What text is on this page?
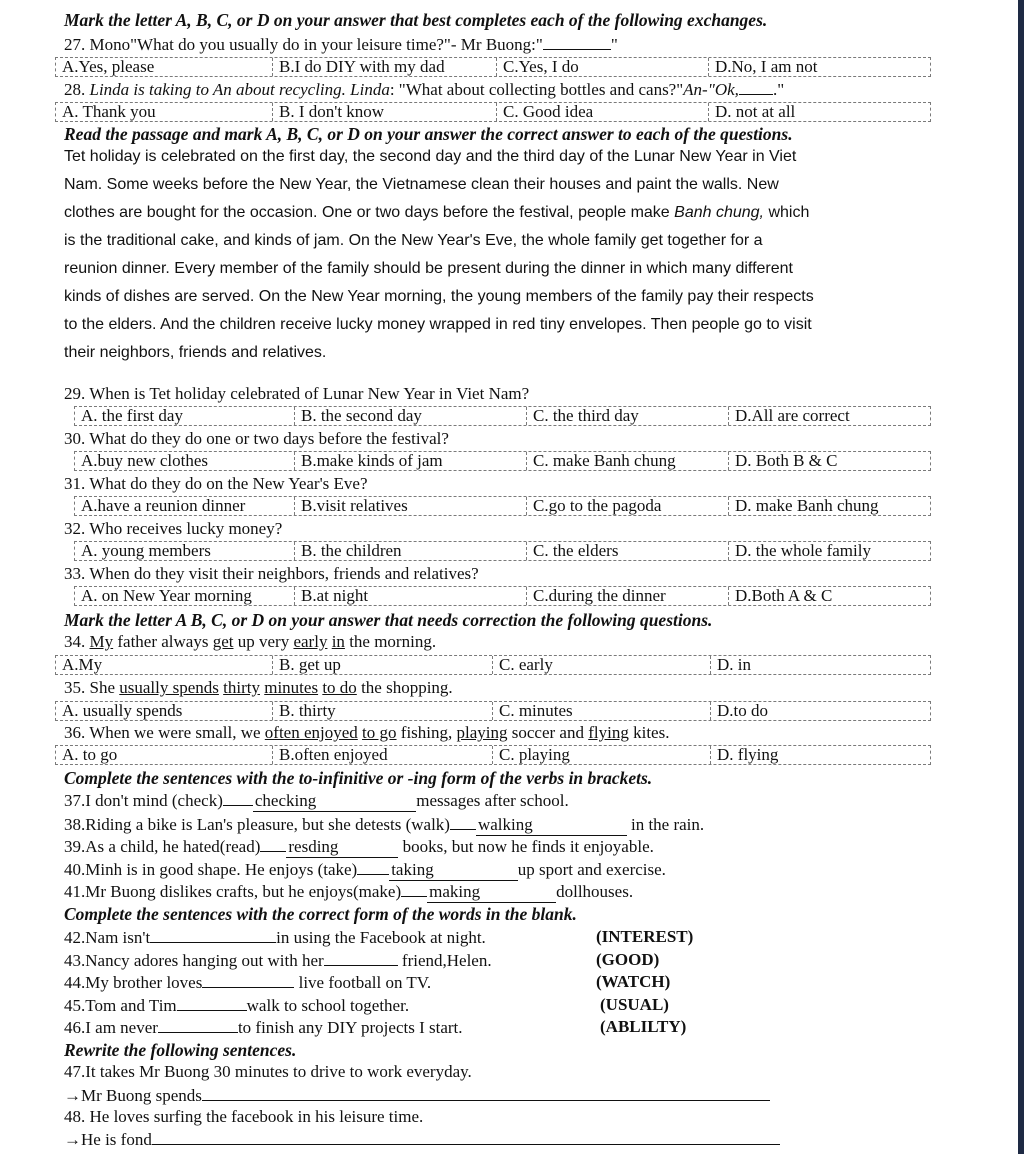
Mark the letter A, B, C, or D on your answer that best completes each of the following exchanges.
27. Mono"What do you usually do in your leisure time?"- Mr Buong:"	"
A.Yes, please	B.I do DIY with my dad	C.Yes, I do	D.No, I am not
28. Linda is taking to An about recycling. Linda: "What about collecting bottles and cans?"An-"Ok, ."
A. Thank you	B. I don't know	C. Good idea	D. not at all
Read the passage and mark A, B, C, or D on your answer the correct answer to each of the questions.
Tet holiday is celebrated on the first day, the second day and the third day of the Lunar New Year in Viet
Nam. Some weeks before the New Year, the Vietnamese clean their houses and paint the walls. New
clothes are bought for the occasion. One or two days before the festival, people make Banh chung, which
is the traditional cake, and kinds of jam. On the New Year's Eve, the whole family get together for a
reunion dinner. Every member of the family should be present during the dinner in which many different
kinds of dishes are served. On the New Year morning, the young members of the family pay their respects
to the elders. And the children receive lucky money wrapped in red tiny envelopes. Then people go to visit
their neighbors, friends and relatives.
29. When is Tet holiday celebrated of Lunar New Year in Viet Nam?
A. the first day	B. the second day	C. the third day	D.All are correct
30. What do they do one or two days before the festival?
A.buy new clothes	B.make kinds of jam	C. make Banh chung	D. Both B & C
31. What do they do on the New Year's Eve?
A.have a reunion dinner	B.visit relatives	C.go to the pagoda	D. make Banh chung
32. Who receives lucky money?
A. young members	B. the children	C. the elders	D. the whole family
33. When do they visit their neighbors, friends and relatives?
A. on New Year morning	B.at night	C.during the dinner	D.Both A & C
Mark the letter A B, C, or D on your answer that needs correction the following questions.
34. My father always get up very early in the morning.
A.My	B. get up	C. early	D. in
35. She usually spends thirty minutes to do the shopping.
A. usually spends	B. thirty	C. minutes	D.to do
36. When we were small, we often enjoyed to go fishing, playing soccer and flying kites.
A. to go	B.often enjoyed	C. playing	D. flying
Complete the sentences with the to-infinitive or -ing form of the verbs in brackets.
37.I don't mind (check) checking	messages after school.
38.Riding a bike is Lan's pleasure, but she detests (walk) walking	in the rain.
39.As a child, he hated(read) resding	books, but now he finds it enjoyable.
40.Minh is in good shape. He enjoys (take) taking	up sport and exercise.
41.Mr Buong dislikes crafts, but he enjoys(make) making	dollhouses.
Complete the sentences with the correct form of the words in the blank.
42.Nam isn't	in using the Facebook at night.	(INTEREST)
43.Nancy adores hanging out with her	friend,Helen.	(GOOD)
44.My brother loves	live football on TV.	(WATCH)
45.Tom and Tim	walk to school together.	(USUAL)
46.I am never	to finish any DIY projects I start.	(ABLILTY)
Rewrite the following sentences.
47.It takes Mr Buong 30 minutes to drive to work everyday.
→Mr Buong spends
48. He loves surfing the facebook in his leisure time.
→He is fond
